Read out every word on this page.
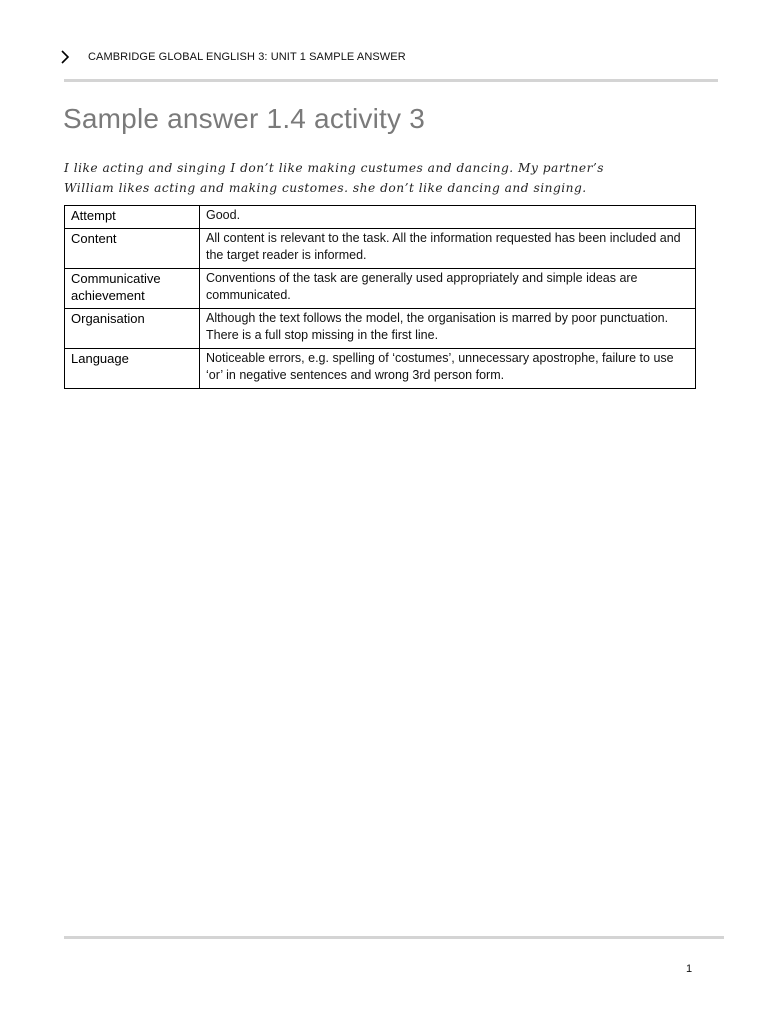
CAMBRIDGE GLOBAL ENGLISH 3: UNIT 1 SAMPLE ANSWER
Sample answer 1.4 activity 3
I like acting and singing I don’t like making custumes and dancing. My partner’s
William likes acting and making customes. she don’t like dancing and singing.
Attempt	Good.
Content	All content is relevant to the task. All the information requested has been included and the target reader is informed.
Communicative achievement	Conventions of the task are generally used appropriately and simple ideas are communicated.
Organisation	Although the text follows the model, the organisation is marred by poor punctuation. There is a full stop missing in the first line.
Language	Noticeable errors, e.g. spelling of ‘costumes’, unnecessary apostrophe, failure to use ‘or’ in negative sentences and wrong 3rd person form.
1
